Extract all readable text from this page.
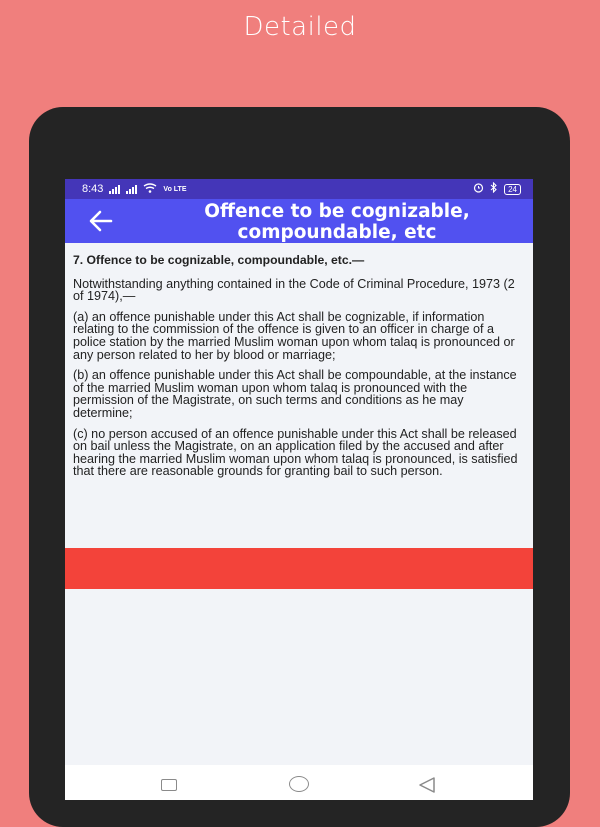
Detailed
8:43	Vo LTE	24
Offence to be cognizable, compoundable, etc

7. Offence to be cognizable, compoundable, etc.—

Notwithstanding anything contained in the Code of Criminal Procedure, 1973 (2 of 1974),—

(a) an offence punishable under this Act shall be cognizable, if information relating to the commission of the offence is given to an officer in charge of a police station by the married Muslim woman upon whom talaq is pronounced or any person related to her by blood or marriage;

(b) an offence punishable under this Act shall be compoundable, at the instance of the married Muslim woman upon whom talaq is pronounced with the permission of the Magistrate, on such terms and conditions as he may determine;

(c) no person accused of an offence punishable under this Act shall be released on bail unless the Magistrate, on an application filed by the accused and after hearing the married Muslim woman upon whom talaq is pronounced, is satisfied that there are reasonable grounds for granting bail to such person.
